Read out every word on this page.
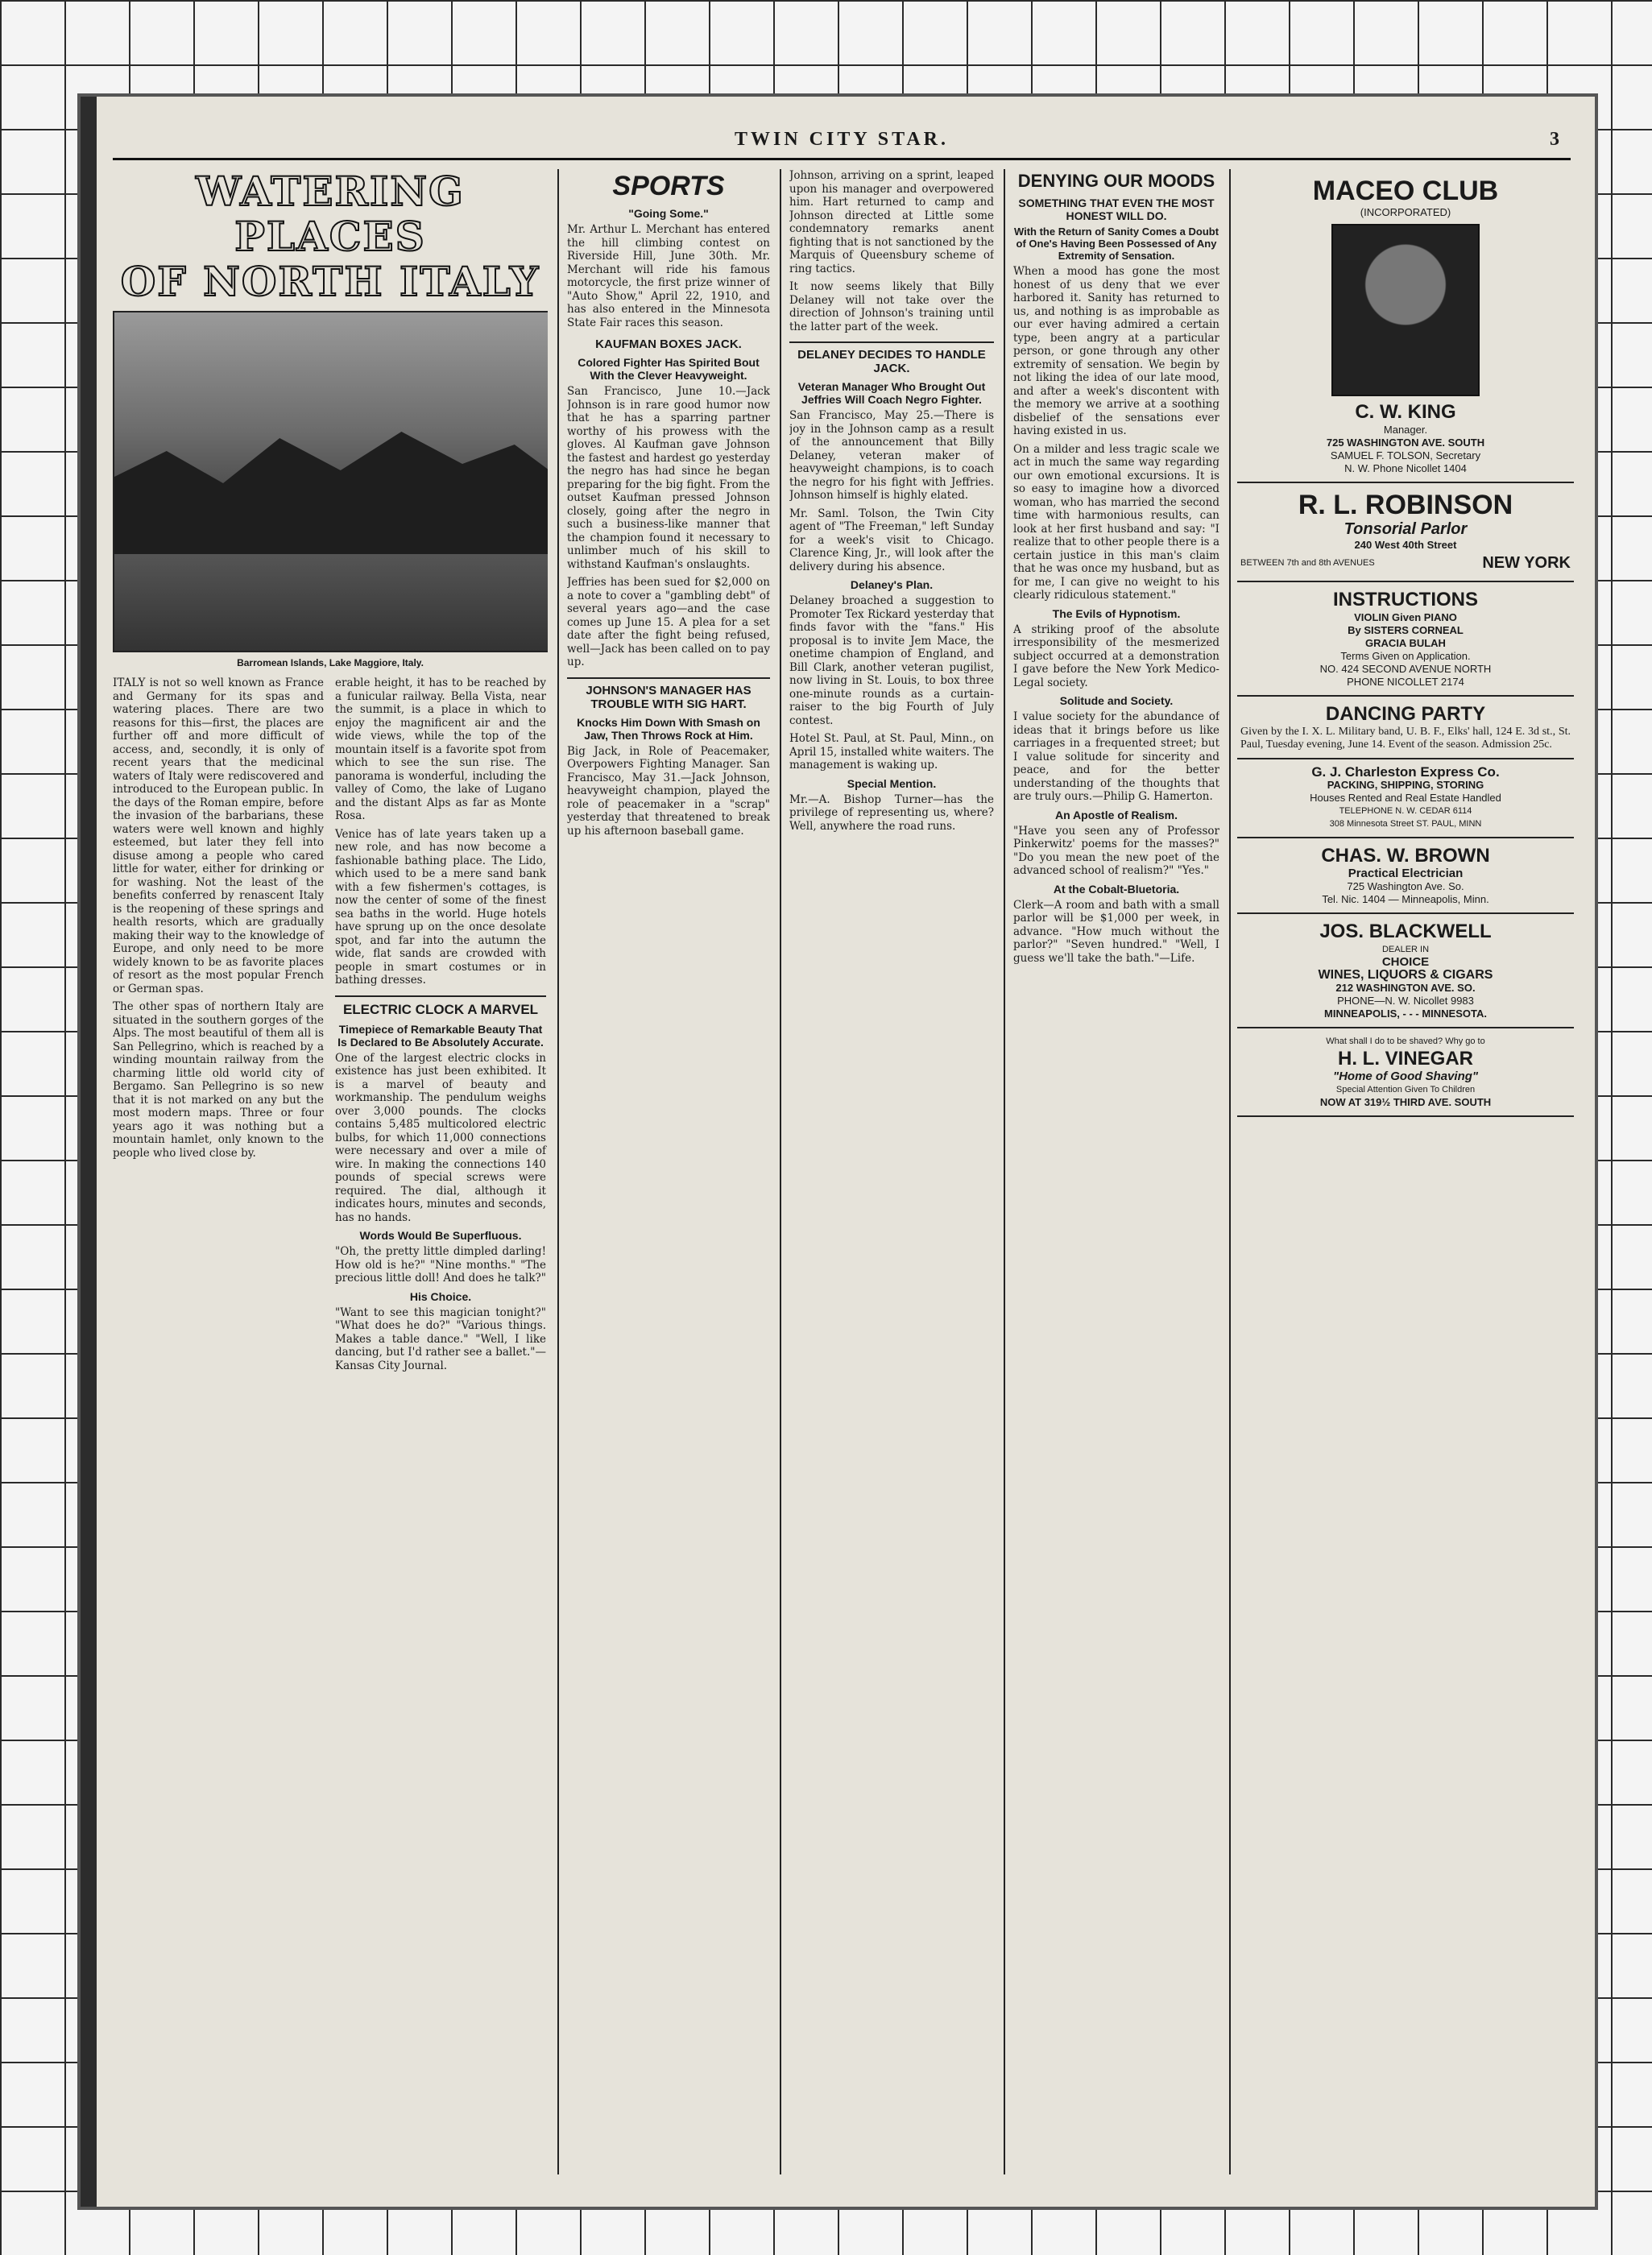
TWIN CITY STAR.	3
WATERING PLACES
OF NORTH ITALY
Barromean Islands, Lake Maggiore, Italy.

ITALY is not so well known as France and Germany for its spas and watering places. There are two reasons for this—first, the places are further off and more difficult of access, and, secondly, it is only of recent years that the medicinal waters of Italy were rediscovered and introduced to the European public. In the days of the Roman empire, before the invasion of the barbarians, these waters were well known and highly esteemed, but later they fell into disuse among a people who cared little for water, either for drinking or for washing. Not the least of the benefits conferred by renascent Italy is the reopening of these springs and health resorts, which are gradually making their way to the knowledge of Europe, and only need to be more widely known to be as favorite places of resort as the most popular French or German spas.

The other spas of northern Italy are situated in the southern gorges of the Alps. The most beautiful of them all is San Pellegrino, which is reached by a winding mountain railway from the charming little old world city of Bergamo. San Pellegrino is so new that it is not marked on any but the most modern maps. Three or four years ago it was nothing but a mountain hamlet, only known to the people who lived close by.

erable height, it has to be reached by a funicular railway. Bella Vista, near the summit, is a place in which to enjoy the magnificent air and the wide views, while the top of the mountain itself is a favorite spot from which to see the sun rise. The panorama is wonderful, including the valley of Como, the lake of Lugano and the distant Alps as far as Monte Rosa.

Venice has of late years taken up a new role, and has now become a fashionable bathing place. The Lido, which used to be a mere sand bank with a few fishermen's cottages, is now the center of some of the finest sea baths in the world. Huge hotels have sprung up on the once desolate spot, and far into the autumn the wide, flat sands are crowded with people in smart costumes or in bathing dresses.

ELECTRIC CLOCK A MARVEL
Timepiece of Remarkable Beauty That Is Declared to Be Absolutely Accurate.

One of the largest electric clocks in existence has just been exhibited. It is a marvel of beauty and workmanship. The pendulum weighs over 3,000 pounds. The clocks contains 5,485 multicolored electric bulbs, for which 11,000 connections were necessary and over a mile of wire. In making the connections 140 pounds of special screws were required. The dial, although it indicates hours, minutes and seconds, has no hands.

Words Would Be Superfluous.

"Oh, the pretty little dimpled darling! How old is he?" "Nine months." "The precious little doll! And does he talk?"

His Choice.

"Want to see this magician tonight?" "What does he do?" "Various things. Makes a table dance." "Well, I like dancing, but I'd rather see a ballet."—Kansas City Journal.

SPORTS
"Going Some."

Mr. Arthur L. Merchant has entered the hill climbing contest on Riverside Hill, June 30th. Mr. Merchant will ride his famous motorcycle, the first prize winner of "Auto Show," April 22, 1910, and has also entered in the Minnesota State Fair races this season.

KAUFMAN BOXES JACK.
Colored Fighter Has Spirited Bout With the Clever Heavyweight.

San Francisco, June 10.—Jack Johnson is in rare good humor now that he has a sparring partner worthy of his prowess with the gloves. Al Kaufman gave Johnson the fastest and hardest go yesterday the negro has had since he began preparing for the big fight. From the outset Kaufman pressed Johnson closely, going after the negro in such a business-like manner that the champion found it necessary to unlimber much of his skill to withstand Kaufman's onslaughts.

Jeffries has been sued for $2,000 on a note to cover a "gambling debt" of several years ago—and the case comes up June 15. A plea for a set date after the fight being refused, well—Jack has been called on to pay up.

JOHNSON'S MANAGER HAS TROUBLE WITH SIG HART.
Knocks Him Down With Smash on Jaw, Then Throws Rock at Him.

Big Jack, in Role of Peacemaker, Overpowers Fighting Manager. San Francisco, May 31.—Jack Johnson, heavyweight champion, played the role of peacemaker in a "scrap" yesterday that threatened to break up his afternoon baseball game.

Johnson, arriving on a sprint, leaped upon his manager and overpowered him. Hart returned to camp and Johnson directed at Little some condemnatory remarks anent fighting that is not sanctioned by the Marquis of Queensbury scheme of ring tactics.

It now seems likely that Billy Delaney will not take over the direction of Johnson's training until the latter part of the week.

DELANEY DECIDES TO HANDLE JACK.
Veteran Manager Who Brought Out Jeffries Will Coach Negro Fighter.

San Francisco, May 25.—There is joy in the Johnson camp as a result of the announcement that Billy Delaney, veteran maker of heavyweight champions, is to coach the negro for his fight with Jeffries. Johnson himself is highly elated.

Mr. Saml. Tolson, the Twin City agent of "The Freeman," left Sunday for a week's visit to Chicago. Clarence King, Jr., will look after the delivery during his absence.

Delaney's Plan.

Delaney broached a suggestion to Promoter Tex Rickard yesterday that finds favor with the "fans." His proposal is to invite Jem Mace, the onetime champion of England, and Bill Clark, another veteran pugilist, now living in St. Louis, to box three one-minute rounds as a curtain-raiser to the big Fourth of July contest.

Hotel St. Paul, at St. Paul, Minn., on April 15, installed white waiters. The management is waking up.

Special Mention.

Mr.—A. Bishop Turner—has the privilege of representing us, where? Well, anywhere the road runs.

DENYING OUR MOODS
SOMETHING THAT EVEN THE MOST HONEST WILL DO.
With the Return of Sanity Comes a Doubt of One's Having Been Possessed of Any Extremity of Sensation.

When a mood has gone the most honest of us deny that we ever harbored it. Sanity has returned to us, and nothing is as improbable as our ever having admired a certain type, been angry at a particular person, or gone through any other extremity of sensation. We begin by not liking the idea of our late mood, and after a week's discontent with the memory we arrive at a soothing disbelief of the sensations ever having existed in us.

On a milder and less tragic scale we act in much the same way regarding our own emotional excursions. It is so easy to imagine how a divorced woman, who has married the second time with harmonious results, can look at her first husband and say: "I realize that to other people there is a certain justice in this man's claim that he was once my husband, but as for me, I can give no weight to his clearly ridiculous statement."

The Evils of Hypnotism.

A striking proof of the absolute irresponsibility of the mesmerized subject occurred at a demonstration I gave before the New York Medico-Legal society.

Solitude and Society.

I value society for the abundance of ideas that it brings before us like carriages in a frequented street; but I value solitude for sincerity and peace, and for the better understanding of the thoughts that are truly ours.—Philip G. Hamerton.

An Apostle of Realism.

"Have you seen any of Professor Pinkerwitz' poems for the masses?" "Do you mean the new poet of the advanced school of realism?" "Yes."

At the Cobalt-Bluetoria.

Clerk—A room and bath with a small parlor will be $1,000 per week, in advance. "How much without the parlor?" "Seven hundred." "Well, I guess we'll take the bath."—Life.

MACEO CLUB
(INCORPORATED)
C. W. KING
Manager.
725 WASHINGTON AVE. SOUTH
SAMUEL F. TOLSON, Secretary
N. W. Phone Nicollet 1404
R. L. ROBINSON
Tonsorial Parlor
240 West 40th Street
BETWEEN 7th and 8th AVENUES	NEW YORK
INSTRUCTIONS
VIOLIN Given PIANO
By SISTERS CORNEAL
GRACIA BULAH
Terms Given on Application.
NO. 424 SECOND AVENUE NORTH
PHONE NICOLLET 2174
DANCING PARTY
Given by the I. X. L. Military band, U. B. F., Elks' hall, 124 E. 3d st., St. Paul, Tuesday evening, June 14. Event of the season. Admission 25c.
G. J. Charleston Express Co.
PACKING, SHIPPING, STORING
Houses Rented and Real Estate Handled
TELEPHONE N. W. CEDAR 6114
308 Minnesota Street ST. PAUL, MINN
CHAS. W. BROWN
Practical Electrician
725 Washington Ave. So.
Tel. Nic. 1404 — Minneapolis, Minn.
JOS. BLACKWELL
DEALER IN
CHOICE
WINES, LIQUORS & CIGARS
212 WASHINGTON AVE. SO.
PHONE—N. W. Nicollet 9983
MINNEAPOLIS, - - - MINNESOTA.
What shall I do to be shaved? Why go to
H. L. VINEGAR
"Home of Good Shaving"
Special Attention Given To Children
NOW AT 319½ THIRD AVE. SOUTH
